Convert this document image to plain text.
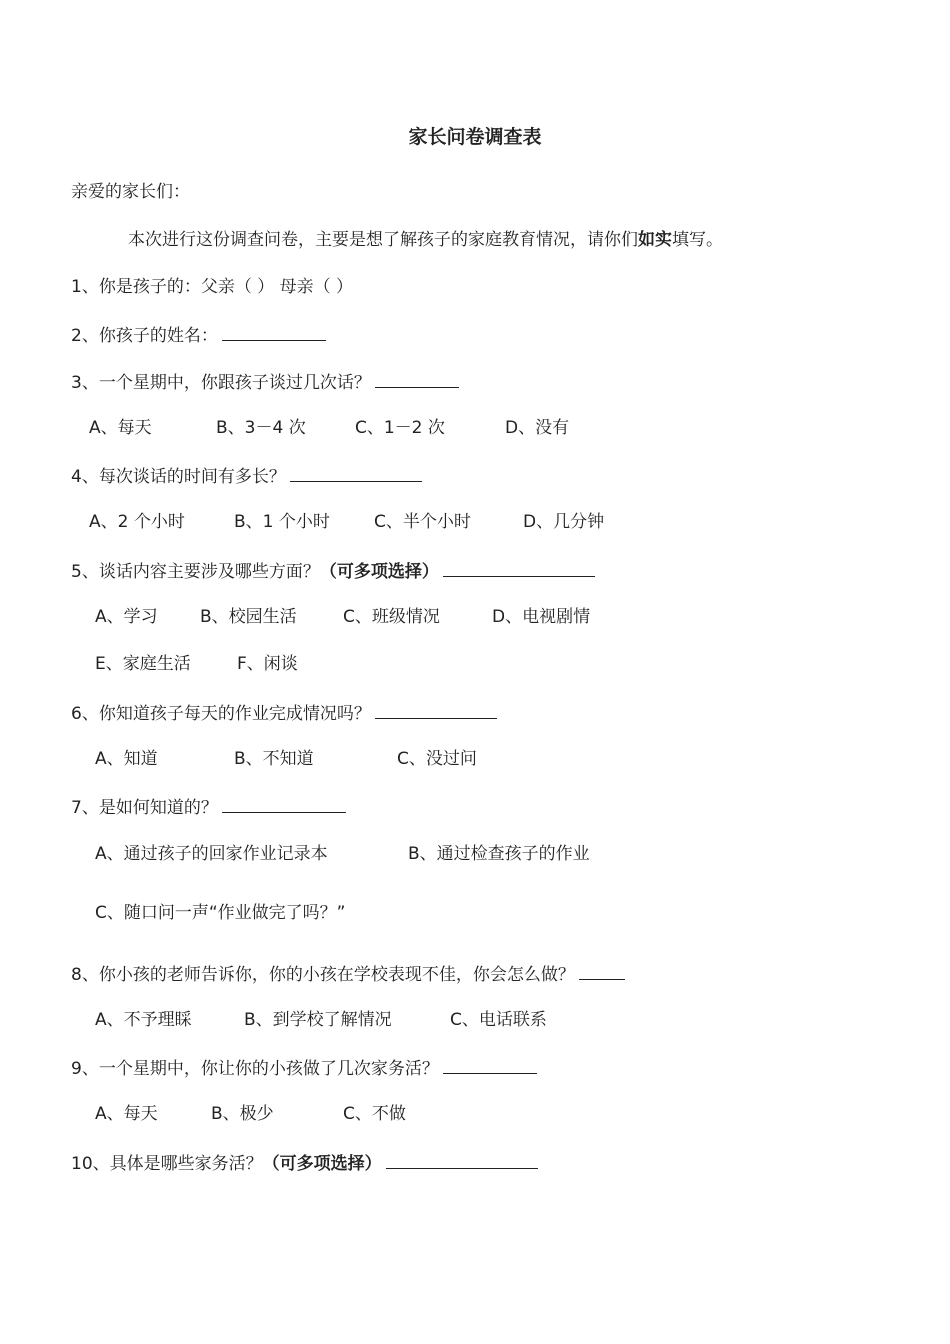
家长问卷调查表
亲爱的家长们：
本次进行这份调查问卷，主要是想了解孩子的家庭教育情况，请你们如实填写。
1、你是孩子的：父亲（ ） 母亲（ ）
2、你孩子的姓名：
3、一个星期中，你跟孩子谈过几次话？
A、每天	B、3－4 次	C、1－2 次	D、没有
4、每次谈话的时间有多长？
A、2 个小时	B、1 个小时	C、半个小时	D、几分钟
5、谈话内容主要涉及哪些方面？（可多项选择）
A、学习 B、校园生活	C、班级情况	D、电视剧情
E、家庭生活	F、闲谈
6、你知道孩子每天的作业完成情况吗？
A、知道	B、不知道	C、没过问
7、是如何知道的？
A、通过孩子的回家作业记录本	B、通过检查孩子的作业
C、随口问一声“作业做完了吗？”
8、你小孩的老师告诉你，你的小孩在学校表现不佳，你会怎么做？
A、不予理睬	B、到学校了解情况	C、电话联系
9、一个星期中，你让你的小孩做了几次家务活？
A、每天	B、极少	C、不做
10、具体是哪些家务活？（可多项选择）
